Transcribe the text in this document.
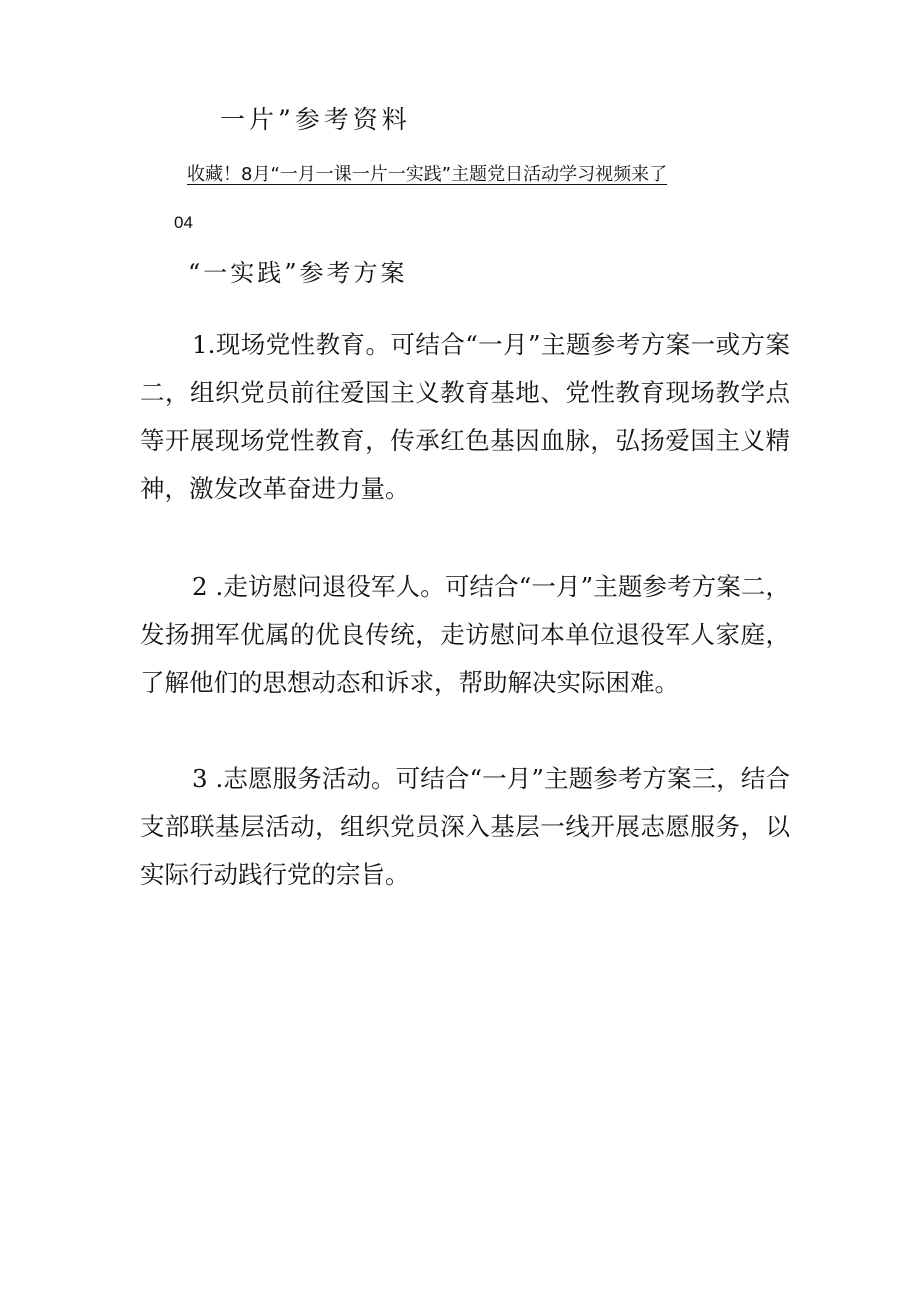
一片”参考资料
收藏！8月“一月一课一片一实践”主题党日活动学习视频来了
04
“一实践”参考方案

1.现场党性教育。可结合“一月”主题参考方案一或方案二，组织党员前往爱国主义教育基地、党性教育现场教学点等开展现场党性教育，传承红色基因血脉，弘扬爱国主义精神，激发改革奋进力量。

2 .走访慰问退役军人。可结合“一月”主题参考方案二，发扬拥军优属的优良传统，走访慰问本单位退役军人家庭，了解他们的思想动态和诉求，帮助解决实际困难。

3 .志愿服务活动。可结合“一月”主题参考方案三，结合支部联基层活动，组织党员深入基层一线开展志愿服务，以实际行动践行党的宗旨。
